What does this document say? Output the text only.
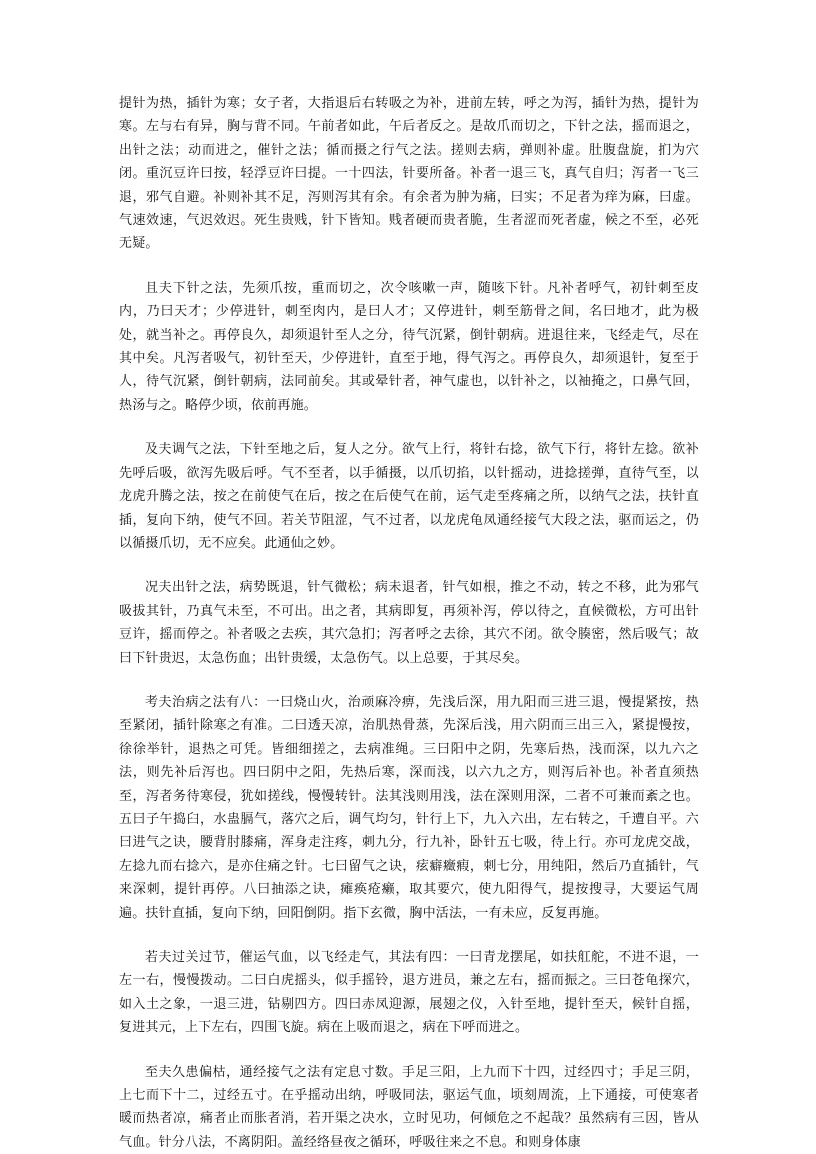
提针为热，插针为寒；女子者，大指退后右转吸之为补，进前左转，呼之为泻，插针为热，提针为寒。左与右有异，胸与背不同。午前者如此，午后者反之。是故爪而切之，下针之法，摇而退之，出针之法；动而进之，催针之法；循而摄之行气之法。搓则去病，弹则补虚。肚腹盘旋，扪为穴闭。重沉豆许曰按，轻浮豆许曰提。一十四法，针要所备。补者一退三飞，真气自归；泻者一飞三退，邪气自避。补则补其不足，泻则泻其有余。有余者为肿为痛，曰实；不足者为痒为麻，曰虚。气速效速，气迟效迟。死生贵贱，针下皆知。贱者硬而贵者脆，生者涩而死者虚，候之不至，必死无疑。

且夫下针之法，先须爪按，重而切之，次令咳嗽一声，随咳下针。凡补者呼气，初针刺至皮内，乃曰天才；少停进针，刺至肉内，是曰人才；又停进针，刺至筋骨之间，名曰地才，此为极处，就当补之。再停良久，却须退针至人之分，待气沉紧，倒针朝病。进退往来，飞经走气，尽在其中矣。凡泻者吸气，初针至天，少停进针，直至于地，得气泻之。再停良久，却须退针，复至于人，待气沉紧，倒针朝病，法同前矣。其或晕针者，神气虚也，以针补之，以袖掩之，口鼻气回，热汤与之。略停少顷，依前再施。

及夫调气之法，下针至地之后，复人之分。欲气上行，将针右捻，欲气下行，将针左捻。欲补先呼后吸，欲泻先吸后呼。气不至者，以手循摄，以爪切掐，以针摇动，进捻搓弹，直待气至，以龙虎升腾之法，按之在前使气在后，按之在后使气在前，运气走至疼痛之所，以纳气之法，扶针直插，复向下纳，使气不回。若关节阻涩，气不过者，以龙虎龟凤通经接气大段之法，驱而运之，仍以循摄爪切，无不应矣。此通仙之妙。

况夫出针之法，病势既退，针气微松；病未退者，针气如根，推之不动，转之不移，此为邪气吸拔其针，乃真气未至，不可出。出之者，其病即复，再须补泻，停以待之，直候微松，方可出针豆许，摇而停之。补者吸之去疾，其穴急扪；泻者呼之去徐，其穴不闭。欲令腠密，然后吸气；故曰下针贵迟，太急伤血；出针贵缓，太急伤气。以上总要，于其尽矣。

考夫治病之法有八：一曰烧山火，治顽麻冷痹，先浅后深，用九阳而三进三退，慢提紧按，热至紧闭，插针除寒之有准。二曰透天凉，治肌热骨蒸，先深后浅，用六阴而三出三入，紧提慢按，徐徐举针，退热之可凭。皆细细搓之，去病准绳。三曰阳中之阴，先寒后热，浅而深，以九六之法，则先补后泻也。四曰阴中之阳，先热后寒，深而浅，以六九之方，则泻后补也。补者直须热至，泻者务待寒侵，犹如搓线，慢慢转针。法其浅则用浅，法在深则用深，二者不可兼而紊之也。五曰子午捣臼，水蛊膈气，落穴之后，调气均匀，针行上下，九入六出，左右转之，千遭自平。六曰进气之诀，腰背肘膝痛，浑身走注疼，刺九分，行九补，卧针五七吸，待上行。亦可龙虎交战，左捻九而右捻六，是亦住痛之针。七曰留气之诀，痃癖癥瘕，刺七分，用纯阳，然后乃直插针，气来深刺，提针再停。八曰抽添之诀，瘫痪疮癞，取其要穴，使九阳得气，提按搜寻，大要运气周遍。扶针直插，复向下纳，回阳倒阴。指下玄微，胸中活法，一有未应，反复再施。

若夫过关过节，催运气血，以飞经走气，其法有四：一曰青龙摆尾，如扶舡舵，不进不退，一左一右，慢慢拨动。二曰白虎摇头，似手摇铃，退方进员，兼之左右，摇而振之。三曰苍龟探穴，如入土之象，一退三进，钻剔四方。四曰赤凤迎源，展翅之仪，入针至地，提针至天，候针自摇，复进其元，上下左右，四围飞旋。病在上吸而退之，病在下呼而进之。

至夫久患偏枯，通经接气之法有定息寸数。手足三阳，上九而下十四，过经四寸；手足三阴，上七而下十二，过经五寸。在乎摇动出纳，呼吸同法，驱运气血，顷刻周流，上下通接，可使寒者暖而热者凉，痛者止而胀者消，若开渠之决水，立时见功，何倾危之不起哉？虽然病有三因，皆从气血。针分八法，不离阴阳。盖经络昼夜之循环，呼吸往来之不息。和则身体康
